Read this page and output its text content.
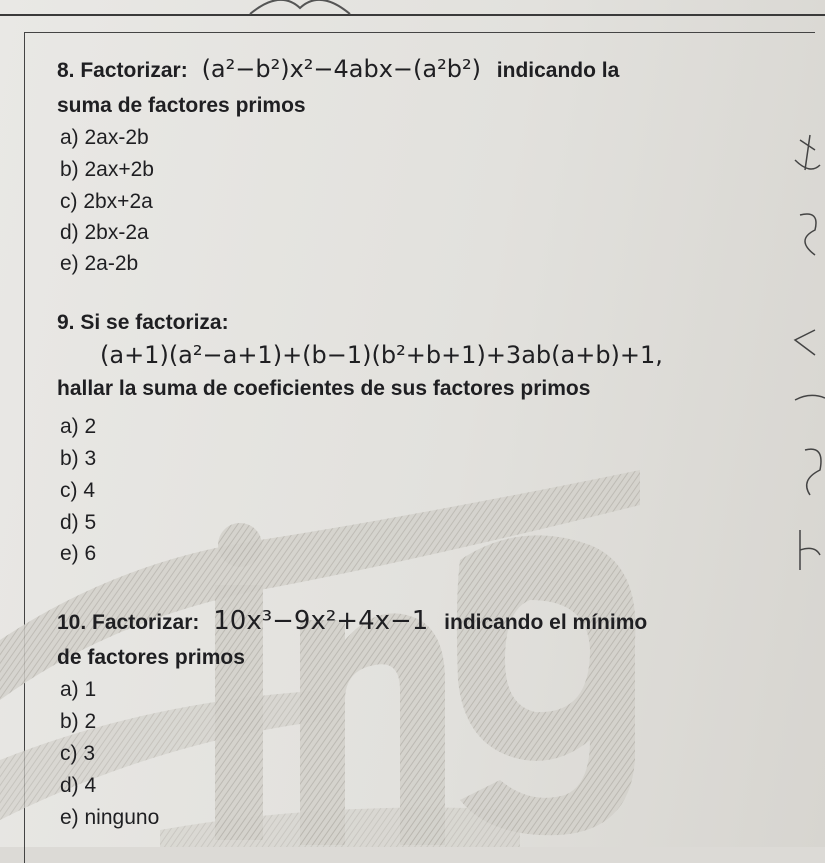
8. Factorizar: (a²−b²)x²−4abx−(a²b²) indicando la
suma de factores primos
a) 2ax-2b
b) 2ax+2b
c) 2bx+2a
d) 2bx-2a
e) 2a-2b
9. Si se factoriza:
(a+1)(a²−a+1)+(b−1)(b²+b+1)+3ab(a+b)+1,
hallar la suma de coeficientes de sus factores primos
a) 2
b) 3
c) 4
d) 5
e) 6
10. Factorizar: 10x³−9x²+4x−1 indicando el mínimo
de factores primos
a) 1
b) 2
c) 3
d) 4
e) ninguno
